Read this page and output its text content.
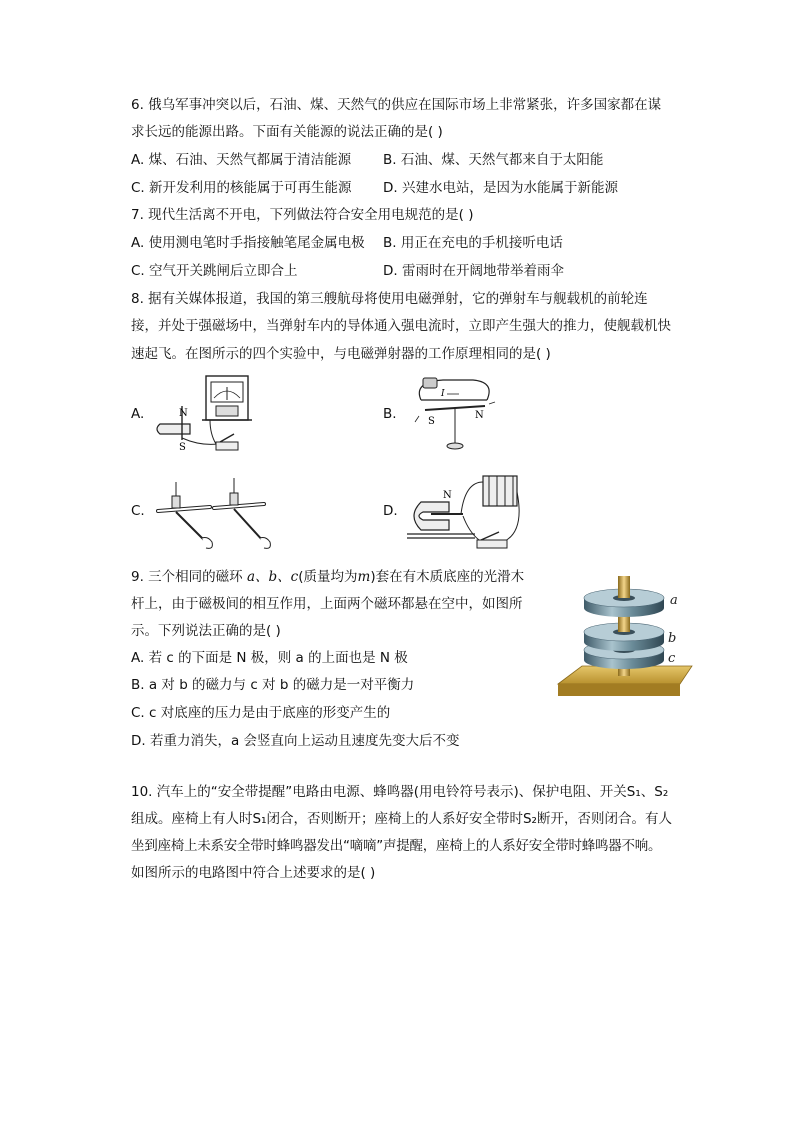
6. 俄乌军事冲突以后，石油、煤、天然气的供应在国际市场上非常紧张，许多国家都在谋
求长远的能源出路。下面有关能源的说法正确的是( )
A. 煤、石油、天然气都属于清洁能源 B. 石油、煤、天然气都来自于太阳能
C. 新开发利用的核能属于可再生能源 D. 兴建水电站，是因为水能属于新能源
7. 现代生活离不开电，下列做法符合安全用电规范的是( )
A. 使用测电笔时手指接触笔尾金属电极 B. 用正在充电的手机接听电话
C. 空气开关跳闸后立即合上	D. 雷雨时在开阔地带举着雨伞
8. 据有关媒体报道，我国的第三艘航母将使用电磁弹射，它的弹射车与舰载机的前轮连
接，并处于强磁场中，当弹射车内的导体通入强电流时，立即产生强大的推力，使舰载机快
速起飞。在图所示的四个实验中，与电磁弹射器的工作原理相同的是( )
A.	B.
C.	D.
N
S
I
S
N
N
9. 三个相同的磁环 a、b、c(质量均为m)套在有木质底座的光滑木
杆上，由于磁极间的相互作用，上面两个磁环都悬在空中，如图所
示。下列说法正确的是( )
A. 若 c 的下面是 N 极，则 a 的上面也是 N 极
B. a 对 b 的磁力与 c 对 b 的磁力是一对平衡力
C. c 对底座的压力是由于底座的形变产生的
D. 若重力消失，a 会竖直向上运动且速度先变大后不变
a
b
c
10. 汽车上的“安全带提醒”电路由电源、蜂鸣器(用电铃符号表示)、保护电阻、开关S₁、S₂
组成。座椅上有人时S₁闭合，否则断开；座椅上的人系好安全带时S₂断开，否则闭合。有人
坐到座椅上未系安全带时蜂鸣器发出“嘀嘀”声提醒，座椅上的人系好安全带时蜂鸣器不响。
如图所示的电路图中符合上述要求的是( )
